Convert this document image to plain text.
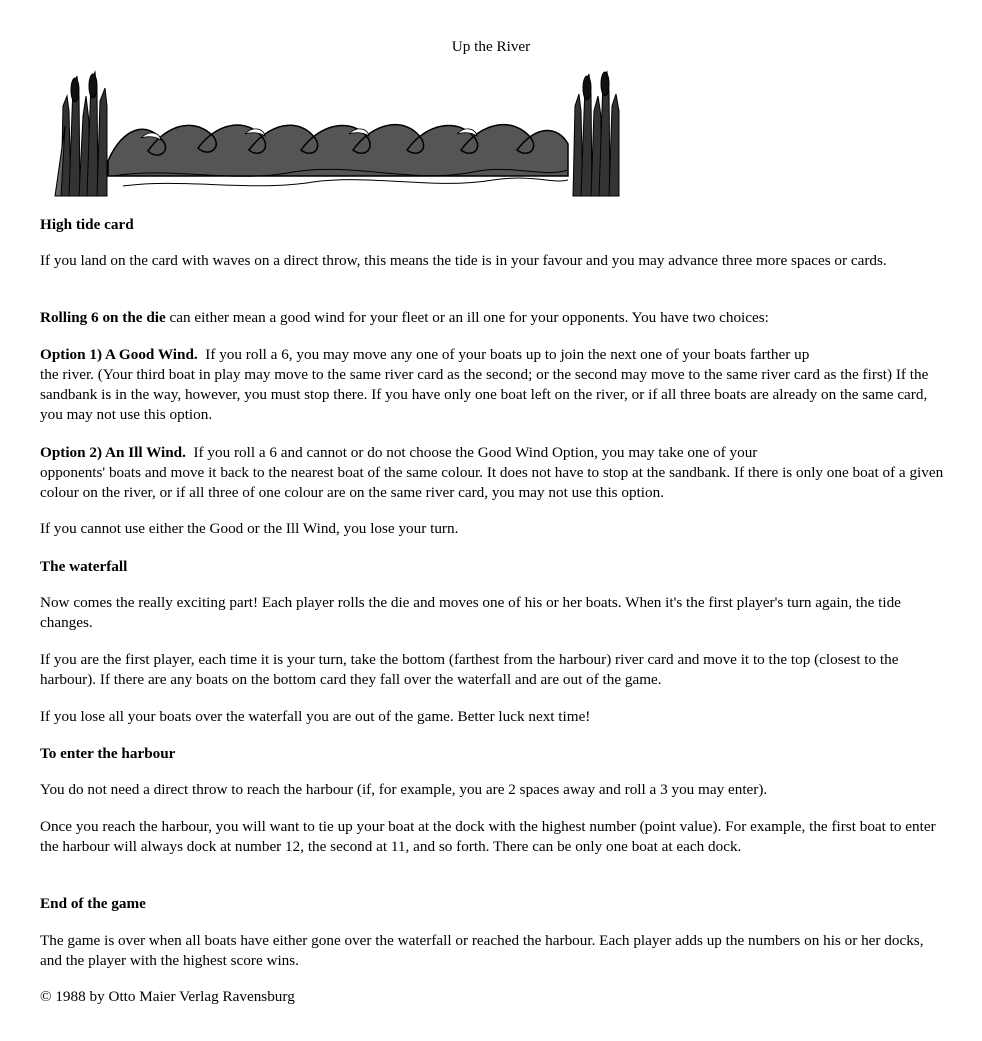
Up the River
High tide card
If you land on the card with waves on a direct throw, this means the tide is in your favour and you may advance three more spaces or cards.
Rolling 6 on the die can either mean a good wind for your fleet or an ill one for your opponents. You have two choices:
Option 1) A Good Wind.  If you roll a 6, you may move any one of your boats up to join the next one of your boats farther up
the river. (Your third boat in play may move to the same river card as the second; or the second may move to the same river card as the first) If the sandbank is in the way, however, you must stop there. If you have only one boat left on the river, or if all three boats are already on the same card, you may not use this option.
Option 2) An Ill Wind.  If you roll a 6 and cannot or do not choose the Good Wind Option, you may take one of your
opponents' boats and move it back to the nearest boat of the same colour. It does not have to stop at the sandbank. If there is only one boat of a given colour on the river, or if all three of one colour are on the same river card, you may not use this option.
If you cannot use either the Good or the Ill Wind, you lose your turn.
The waterfall
Now comes the really exciting part! Each player rolls the die and moves one of his or her boats. When it's the first player's turn again, the tide changes.
If you are the first player, each time it is your turn, take the bottom (farthest from the harbour) river card and move it to the top (closest to the harbour). If there are any boats on the bottom card they fall over the waterfall and are out of the game.
If you lose all your boats over the waterfall you are out of the game. Better luck next time!
To enter the harbour
You do not need a direct throw to reach the harbour (if, for example, you are 2 spaces away and roll a 3 you may enter).
Once you reach the harbour, you will want to tie up your boat at the dock with the highest number (point value). For example, the first boat to enter the harbour will always dock at number 12, the second at 11, and so forth. There can be only one boat at each dock.
End of the game
The game is over when all boats have either gone over the waterfall or reached the harbour. Each player adds up the numbers on his or her docks, and the player with the highest score wins.
© 1988 by Otto Maier Verlag Ravensburg
